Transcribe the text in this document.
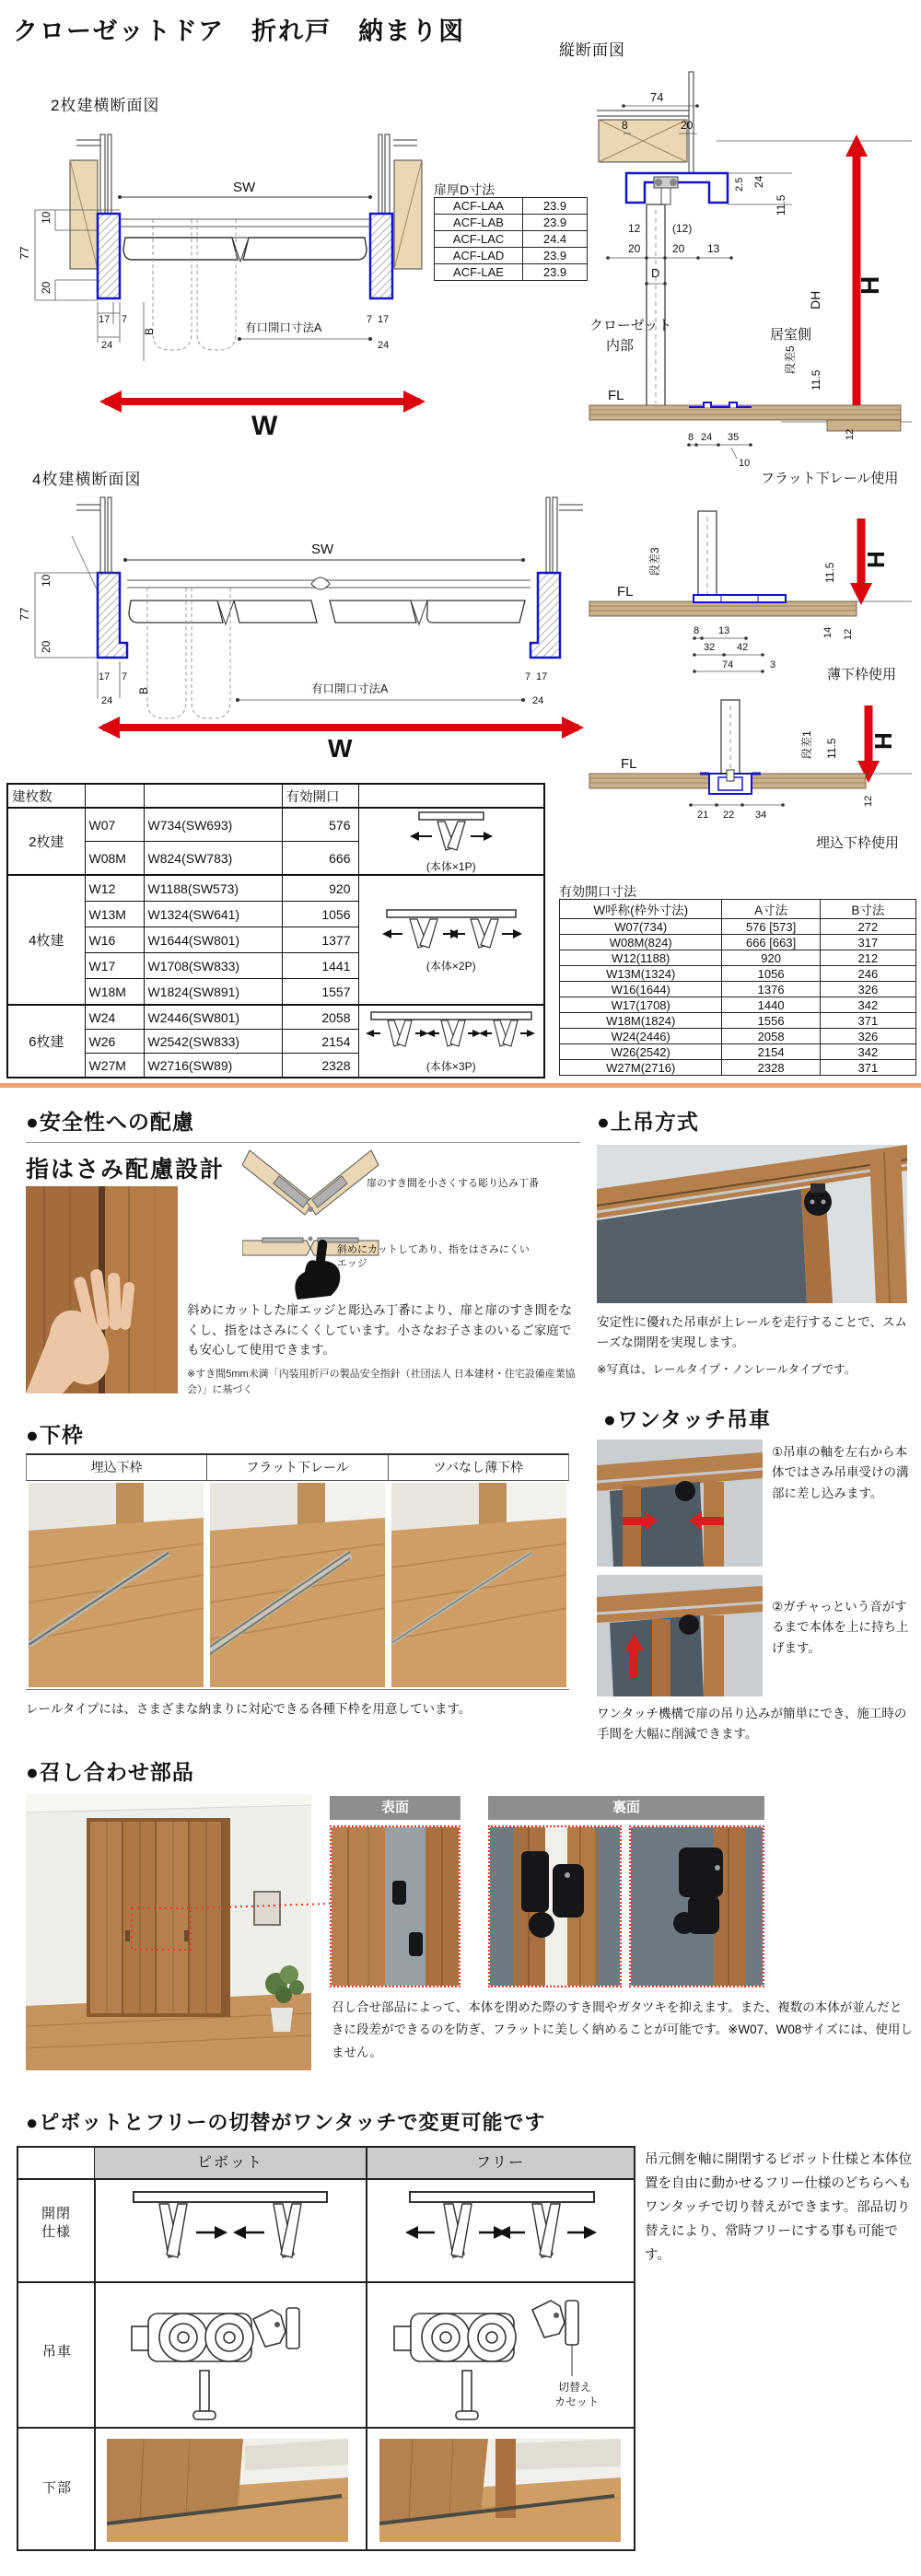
クローゼットドア　折れ戸　納まり図
2枚建横断面図
SW
10
77
20
17 7
24
B
7 17
24
有口開口寸法A
W
扉厚D寸法
ACF-LAA	23.9
ACF-LAB	23.9
ACF-LAC	24.4
ACF-LAD	23.9
ACF-LAE	23.9
縦断面図
74
8	20
2.5 24
11.5
12	(12)
20	20 13
D
クローゼット
内部
居室側
DH
段差5
11.5
H
FL
12
8 24 35
10
フラット下レール使用
H
段差3	11.5
FL
14 12
8 13
32 42
74	3
薄下枠使用
H
段差1 11.5
FL
12
21 22 34
埋込下枠使用
4枚建横断面図
SW
10
77
20
17 7
24
B
7 17
24
有口開口寸法A
W
建枚数			有効開口	
2枚建	W07	W734(SW693)	576	(本体×1P)

	W08M	W824(SW783)	666	
4枚建	W12	W1188(SW573)	920	(本体×2P)

	W13M	W1324(SW641)	1056	
	W16	W1644(SW801)	1377	
	W17	W1708(SW833)	1441	
	W18M	W1824(SW891)	1557	
6枚建	W24	W2446(SW801)	2058	(本体×3P)

	W26	W2542(SW833)	2154	
	W27M	W2716(SW89)	2328	
有効開口寸法
W呼称(枠外寸法)	A寸法	B寸法
W07(734)	576 [573]	272
W08M(824)	666 [663]	317
W12(1188)	920	212
W13M(1324)	1056	246
W16(1644)	1376	326
W17(1708)	1440	342
W18M(1824)	1556	371
W24(2446)	2058	326
W26(2542)	2154	342
W27M(2716)	2328	371
●安全性への配慮
指はさみ配慮設計
扉のすき間を小さくする彫り込み丁番
斜めにカットしてあり、指をはさみにくいエッジ
斜めにカットした扉エッジと彫込み丁番により、扉と扉のすき間をなくし、指をはさみにくくしています。小さなお子さまのいるご家庭でも安心して使用できます。
※すき間5mm未満「内装用折戸の製品安全指針（社団法人 日本建材・住宅設備産業協会）」に基づく
●上吊方式
安定性に優れた吊車が上レールを走行することで、スムーズな開閉を実現します。
※写真は、レールタイプ・ノンレールタイプです。
●下枠
埋込下枠	フラット下レール	ツバなし薄下枠
レールタイプには、さまざまな納まりに対応できる各種下枠を用意しています。
●ワンタッチ吊車
①吊車の軸を左右から本体ではさみ吊車受けの溝部に差し込みます。
②ガチャっという音がするまで本体を上に持ち上げます。
ワンタッチ機構で扉の吊り込みが簡単にでき、施工時の手間を大幅に削減できます。
●召し合わせ部品
表面	裏面
召し合せ部品によって、本体を閉めた際のすき間やガタツキを抑えます。また、複数の本体が並んだときに段差ができるのを防ぎ、フラットに美しく納めることが可能です。※W07、W08サイズには、使用しません。
●ピボットとフリーの切替がワンタッチで変更可能です
ピボット	フリー
開閉仕様
吊車
下部
切替え
カセット
吊元側を軸に開閉するピボット仕様と本体位置を自由に動かせるフリー仕様のどちらへもワンタッチで切り替えができます。部品切り替えにより、常時フリーにする事も可能です。
